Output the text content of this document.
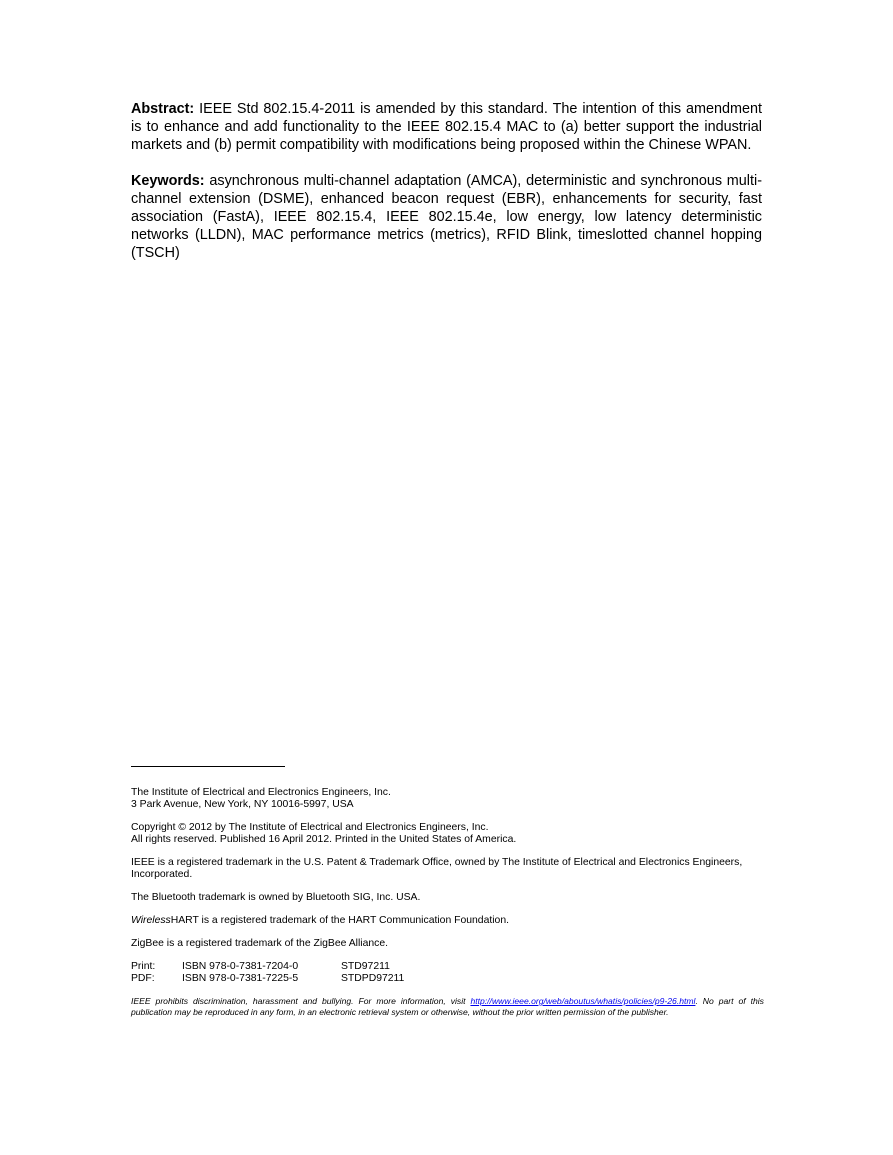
Abstract: IEEE Std 802.15.4-2011 is amended by this standard. The intention of this amendment is to enhance and add functionality to the IEEE 802.15.4 MAC to (a) better support the industrial markets and (b) permit compatibility with modifications being proposed within the Chinese WPAN.

Keywords: asynchronous multi-channel adaptation (AMCA), deterministic and synchronous multi-channel extension (DSME), enhanced beacon request (EBR), enhancements for security, fast association (FastA), IEEE 802.15.4, IEEE 802.15.4e, low energy, low latency deterministic networks (LLDN), MAC performance metrics (metrics), RFID Blink, timeslotted channel hopping (TSCH)

The Institute of Electrical and Electronics Engineers, Inc.
3 Park Avenue, New York, NY 10016-5997, USA

Copyright © 2012 by The Institute of Electrical and Electronics Engineers, Inc.
All rights reserved. Published 16 April 2012. Printed in the United States of America.

IEEE is a registered trademark in the U.S. Patent & Trademark Office, owned by The Institute of Electrical and Electronics Engineers, Incorporated.

The Bluetooth trademark is owned by Bluetooth SIG, Inc. USA.

WirelessHART is a registered trademark of the HART Communication Foundation.

ZigBee is a registered trademark of the ZigBee Alliance.

Print:	ISBN 978-0-7381-7204-0	STD97211
PDF:	ISBN 978-0-7381-7225-5	STDPD97211

IEEE prohibits discrimination, harassment and bullying. For more information, visit http://www.ieee.org/web/aboutus/whatis/policies/p9-26.html. No part of this publication may be reproduced in any form, in an electronic retrieval system or otherwise, without the prior written permission of the publisher.
